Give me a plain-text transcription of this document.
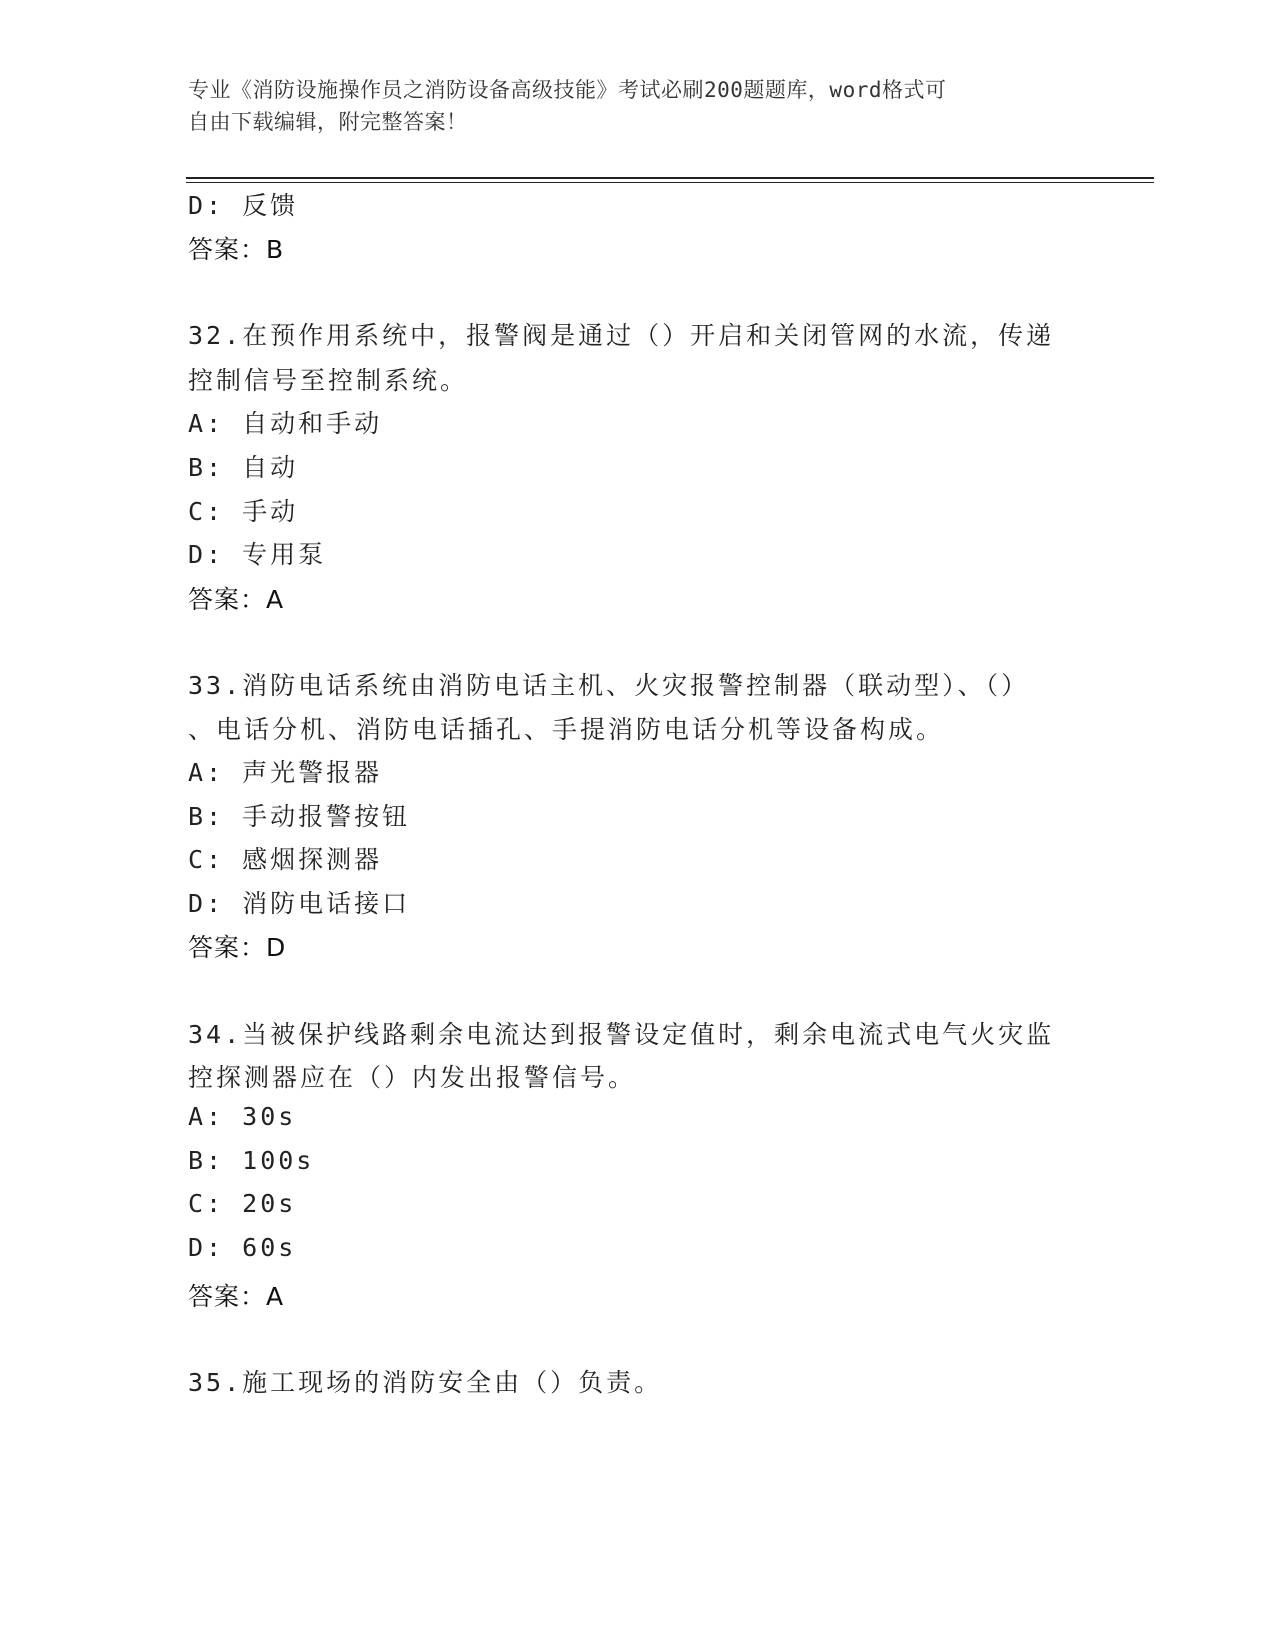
专业《消防设施操作员之消防设备高级技能》考试必刷200题题库，word格式可
自由下载编辑，附完整答案！
D: 反馈
答案：B
32.在预作用系统中，报警阀是通过（）开启和关闭管网的水流，传递
控制信号至控制系统。
A: 自动和手动
B: 自动
C: 手动
D: 专用泵
答案：A
33.消防电话系统由消防电话主机、火灾报警控制器（联动型）、（）
、电话分机、消防电话插孔、手提消防电话分机等设备构成。
A: 声光警报器
B: 手动报警按钮
C: 感烟探测器
D: 消防电话接口
答案：D
34.当被保护线路剩余电流达到报警设定值时，剩余电流式电气火灾监
控探测器应在（）内发出报警信号。
A: 30s
B: 100s
C: 20s
D: 60s
答案：A
35.施工现场的消防安全由（）负责。
